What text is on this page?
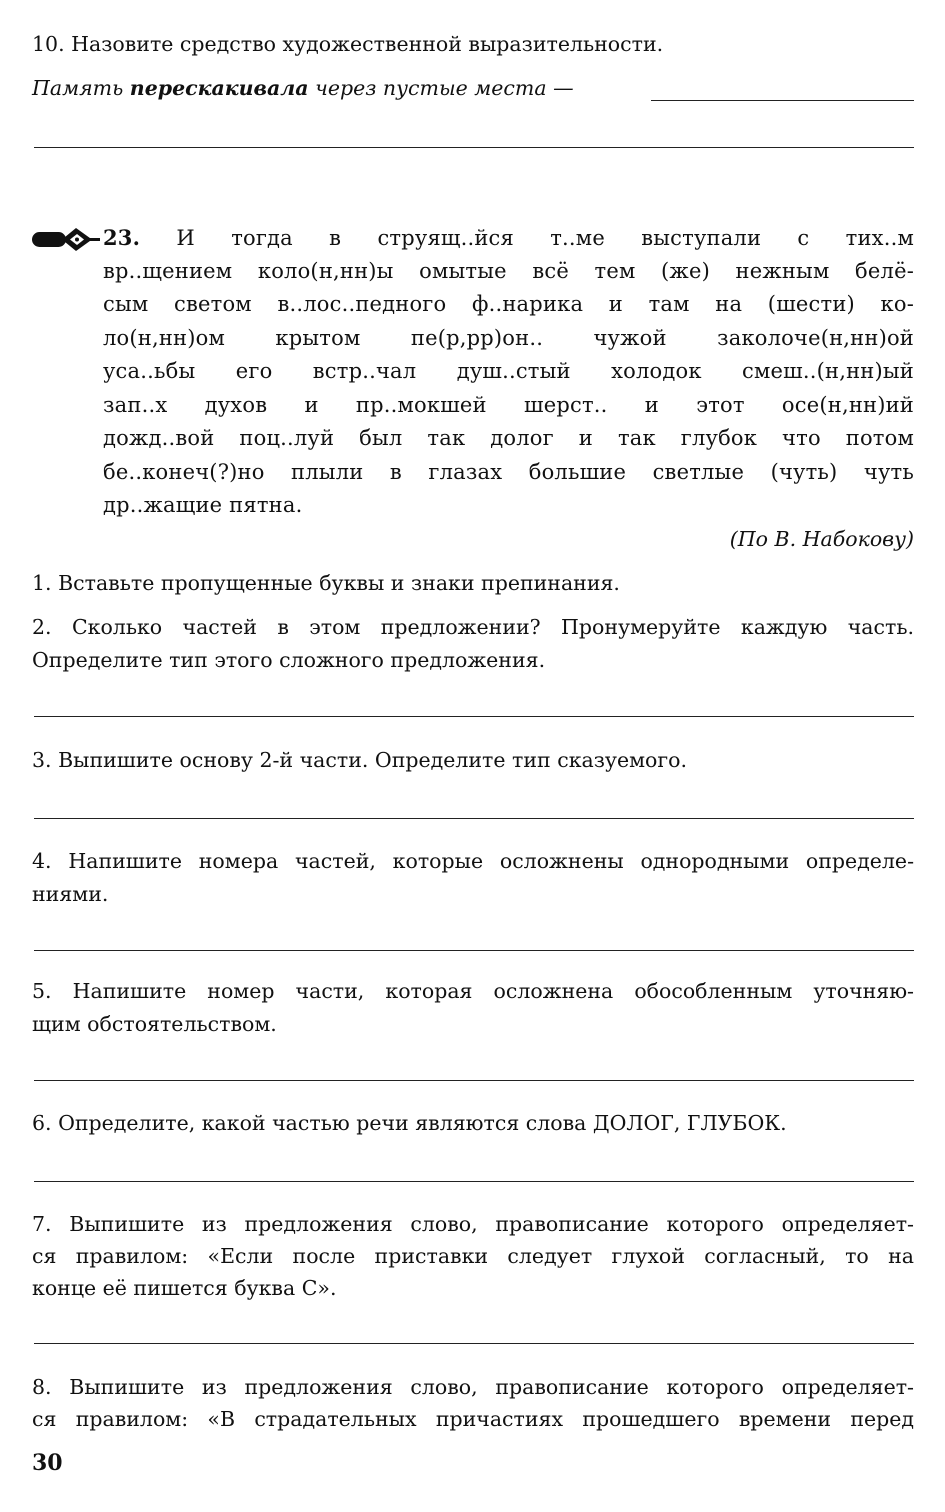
10. Назовите средство художественной выразительности.

Память перескакивала через пустые места —

23. И тогда в струящ..йся т..ме выступали с тих..м
вр..щением коло(н,нн)ы омытые всё тем (же) нежным белё-
сым светом в..лос..педного ф..нарика и там на (шести) ко-
ло(н,нн)ом крытом пе(р,рр)он.. чужой заколоче(н,нн)ой
уса..ьбы его встр..чал душ..стый холодок смеш..(н,нн)ый
зап..х духов и пр..мокшей шерст.. и этот осе(н,нн)ий
дожд..вой поц..луй был так долог и так глубок что потом
бе..конеч(?)но плыли в глазах большие светлые (чуть) чуть
др..жащие пятна.

(По В. Набокову)

1. Вставьте пропущенные буквы и знаки препинания.

2. Сколько частей в этом предложении? Пронумеруйте каждую часть.

Определите тип этого сложного предложения.

3. Выпишите основу 2-й части. Определите тип сказуемого.

4. Напишите номера частей, которые осложнены однородными определе-

ниями.

5. Напишите номер части, которая осложнена обособленным уточняю-

щим обстоятельством.

6. Определите, какой частью речи являются слова ДОЛОГ, ГЛУБОК.

7. Выпишите из предложения слово, правописание которого определяет-

ся правилом: «Если после приставки следует глухой согласный, то на

конце её пишется буква С».

8. Выпишите из предложения слово, правописание которого определяет-

ся правилом: «В страдательных причастиях прошедшего времени перед

30
